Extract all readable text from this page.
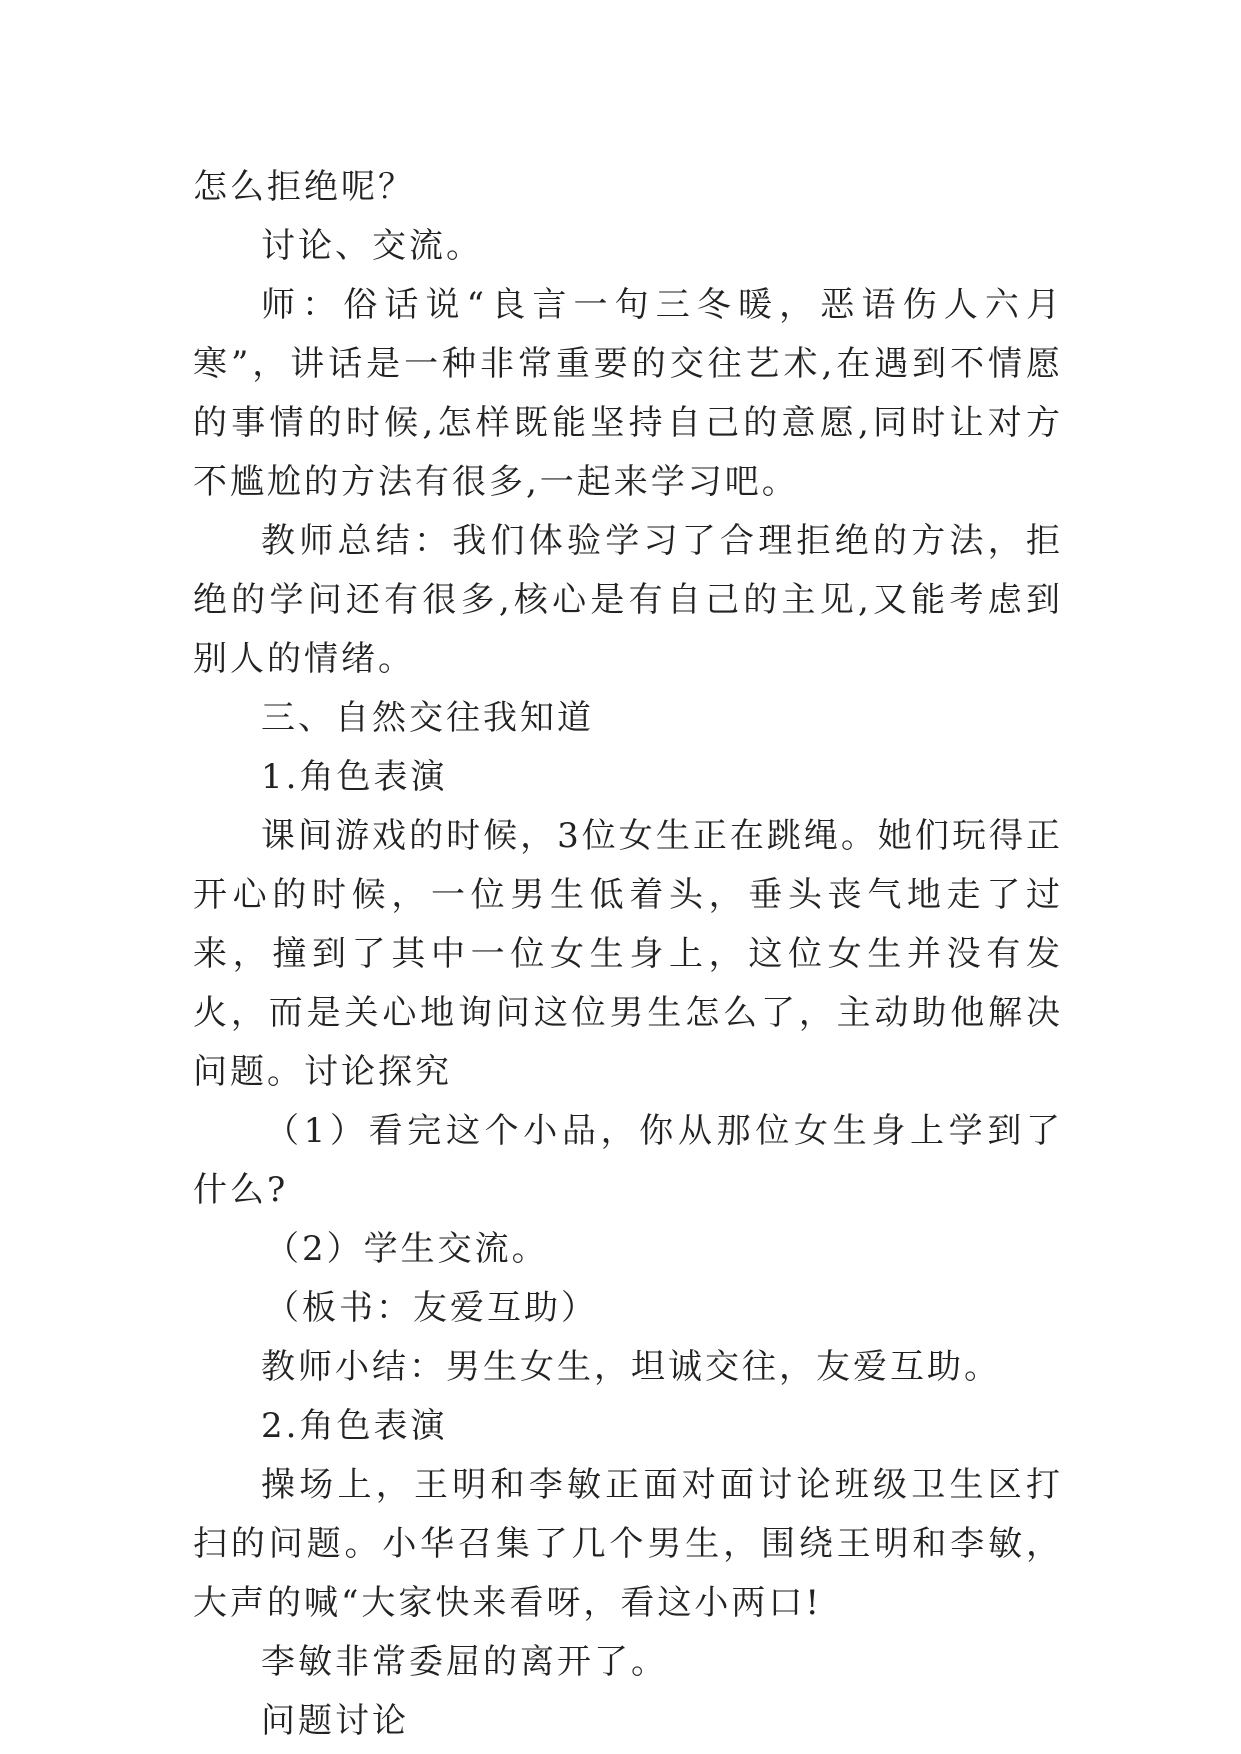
怎么拒绝呢？

讨论、交流。

师：俗话说“良言一句三冬暖，恶语伤人六月寒”，讲话是一种非常重要的交往艺术,在遇到不情愿的事情的时候,怎样既能坚持自己的意愿,同时让对方不尴尬的方法有很多,一起来学习吧。

教师总结：我们体验学习了合理拒绝的方法，拒绝的学问还有很多,核心是有自己的主见,又能考虑到别人的情绪。

三、自然交往我知道

1.角色表演

课间游戏的时候，3位女生正在跳绳。她们玩得正开心的时候，一位男生低着头，垂头丧气地走了过来，撞到了其中一位女生身上，这位女生并没有发火，而是关心地询问这位男生怎么了，主动助他解决问题。讨论探究

（1）看完这个小品，你从那位女生身上学到了什么?

（2）学生交流。

（板书：友爱互助）

教师小结：男生女生，坦诚交往，友爱互助。

2.角色表演

操场上，王明和李敏正面对面讨论班级卫生区打扫的问题。小华召集了几个男生，围绕王明和李敏，大声的喊“大家快来看呀，看这小两口!

李敏非常委屈的离开了。

问题讨论
